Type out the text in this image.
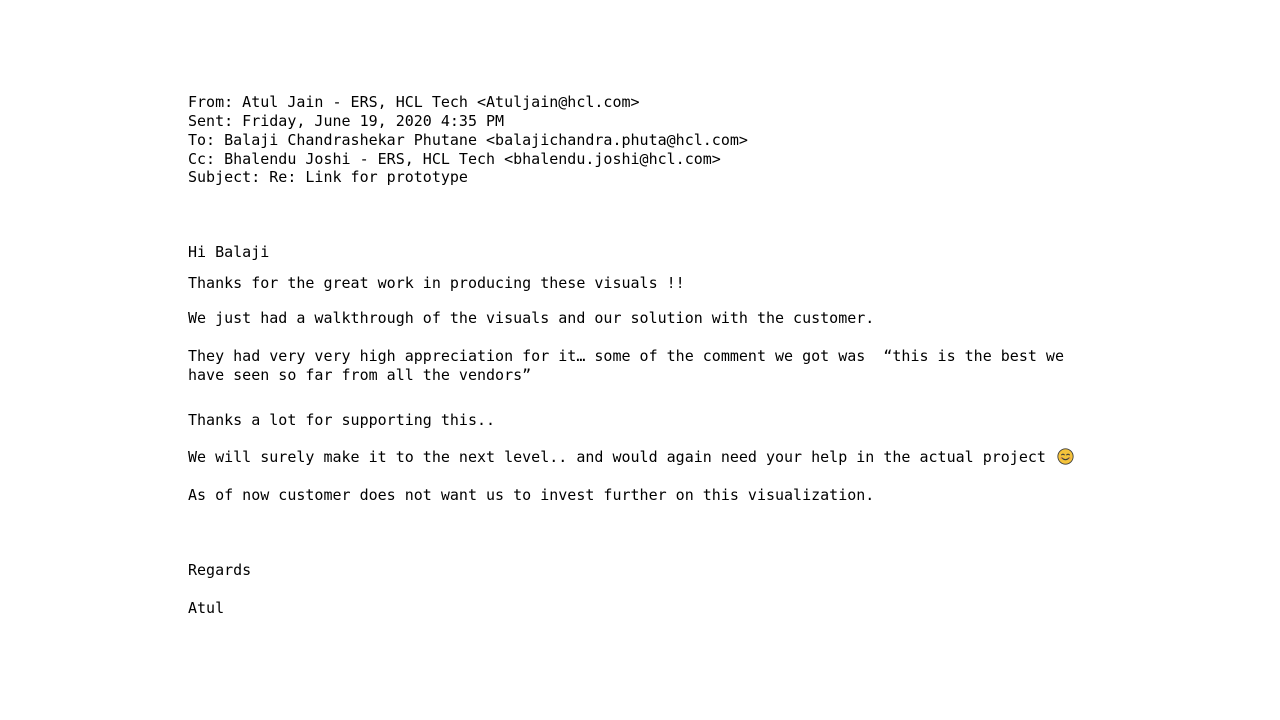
From: Atul Jain - ERS, HCL Tech <Atuljain@hcl.com>
Sent: Friday, June 19, 2020 4:35 PM
To: Balaji Chandrashekar Phutane <balajichandra.phuta@hcl.com>
Cc: Bhalendu Joshi - ERS, HCL Tech <bhalendu.joshi@hcl.com>
Subject: Re: Link for prototype
Hi Balaji
Thanks for the great work in producing these visuals !!
We just had a walkthrough of the visuals and our solution with the customer.
They had very very high appreciation for it… some of the comment we got was  “this is the best we have seen so far from all the vendors”
Thanks a lot for supporting this..
We will surely make it to the next level.. and would again need your help in the actual project
As of now customer does not want us to invest further on this visualization.
Regards
Atul
